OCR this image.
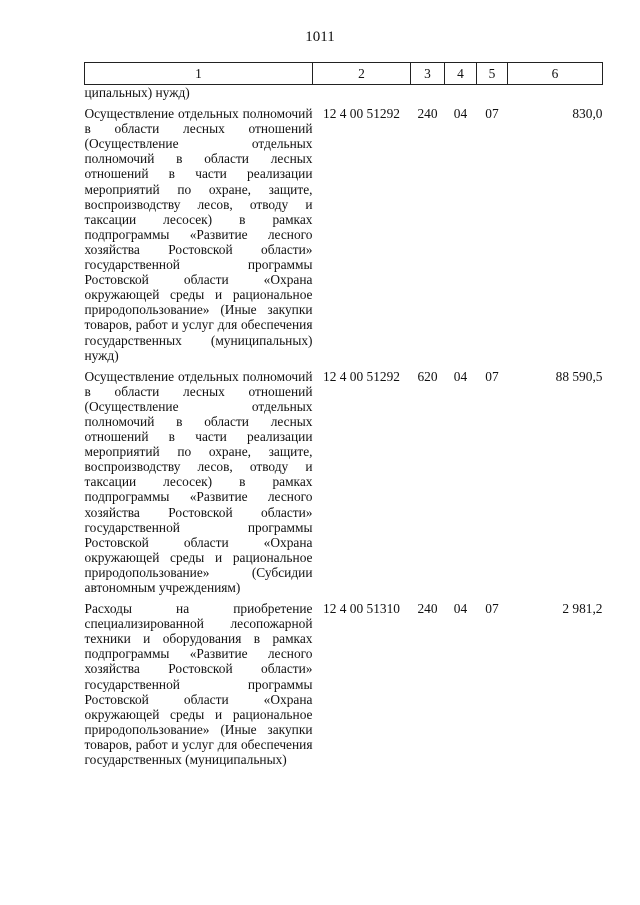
1011
1	2	3	4	5	6
ципальных) нужд)					
Осуществление отдельных полномочий в области лесных отношений (Осуществление отдельных полномочий в области лесных отношений в части реализации мероприятий по охране, защите, воспроизводству лесов, отводу и таксации лесосек) в рамках подпрограммы «Развитие лесного хозяйства Ростовской области» государственной программы Ростовской области «Охрана окружающей среды и рациональное природопользование» (Иные закупки товаров, работ и услуг для обеспечения государственных (муниципальных) нужд)	12 4 00 51292	240	04	07	830,0
Осуществление отдельных полномочий в области лесных отношений (Осуществление отдельных полномочий в области лесных отношений в части реализации мероприятий по охране, защите, воспроизводству лесов, отводу и таксации лесосек) в рамках подпрограммы «Развитие лесного хозяйства Ростовской области» государственной программы Ростовской области «Охрана окружающей среды и рациональное природопользование» (Субсидии автономным учреждениям)	12 4 00 51292	620	04	07	88 590,5
Расходы на приобретение специализированной лесопожарной техники и оборудования в рамках подпрограммы «Развитие лесного хозяйства Ростовской области» государственной программы Ростовской области «Охрана окружающей среды и рациональное природопользование» (Иные закупки товаров, работ и услуг для обеспечения государственных (муниципальных)	12 4 00 51310	240	04	07	2 981,2
